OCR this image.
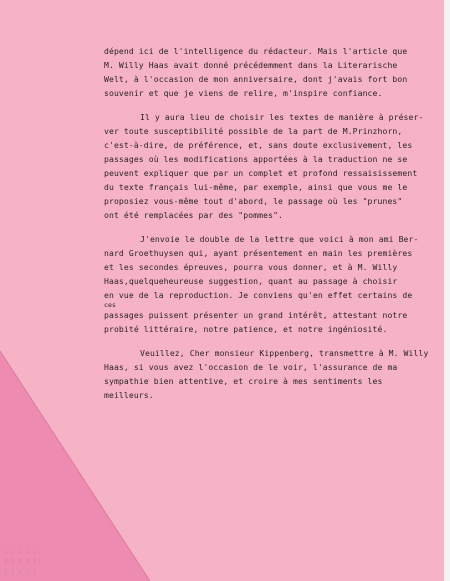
: : : : :
: : : : :
: : : : :
dépend ici de l'intelligence du rédacteur. Mais l'article que
M. Willy Haas avait donné précédemment dans la Literarische
Welt, à l'occasion de mon anniversaire, dont j'avais fort bon
souvenir et que je viens de relire, m'inspire confiance.
Il y aura lieu de choisir les textes de manière à préser-
ver toute susceptibilité possible de la part de M.Prinzhorn,
c'est-à-dire, de préférence, et, sans doute exclusivement, les
passages où les modifications apportées à la traduction ne se
peuvent expliquer que par un complet et profond ressaisissement
du texte français lui-même, par exemple, ainsi que vous me le
proposiez vous-même tout d'abord, le passage où les "prunes"
ont été remplacées par des "pommes".
J'envoie le double de la lettre que voici à mon ami Ber-
nard Groethuysen qui, ayant présentement en main les premières
et les secondes épreuves, pourra vous donner, et à M. Willy
Haas,quelqueheureuse suggestion, quant au passage à choisir
en vue de la reproduction. Je conviens qu'en effet certains de
ces
passages puissent présenter un grand intérêt, attestant notre
probité littéraire, notre patience, et notre ingéniosité.
Veuillez, Cher monsieur Kippenberg, transmettre à M. Willy
Haas, si vous avez l'occasion de le voir, l'assurance de ma
sympathie bien attentive, et croire à mes sentiments les
meilleurs.
